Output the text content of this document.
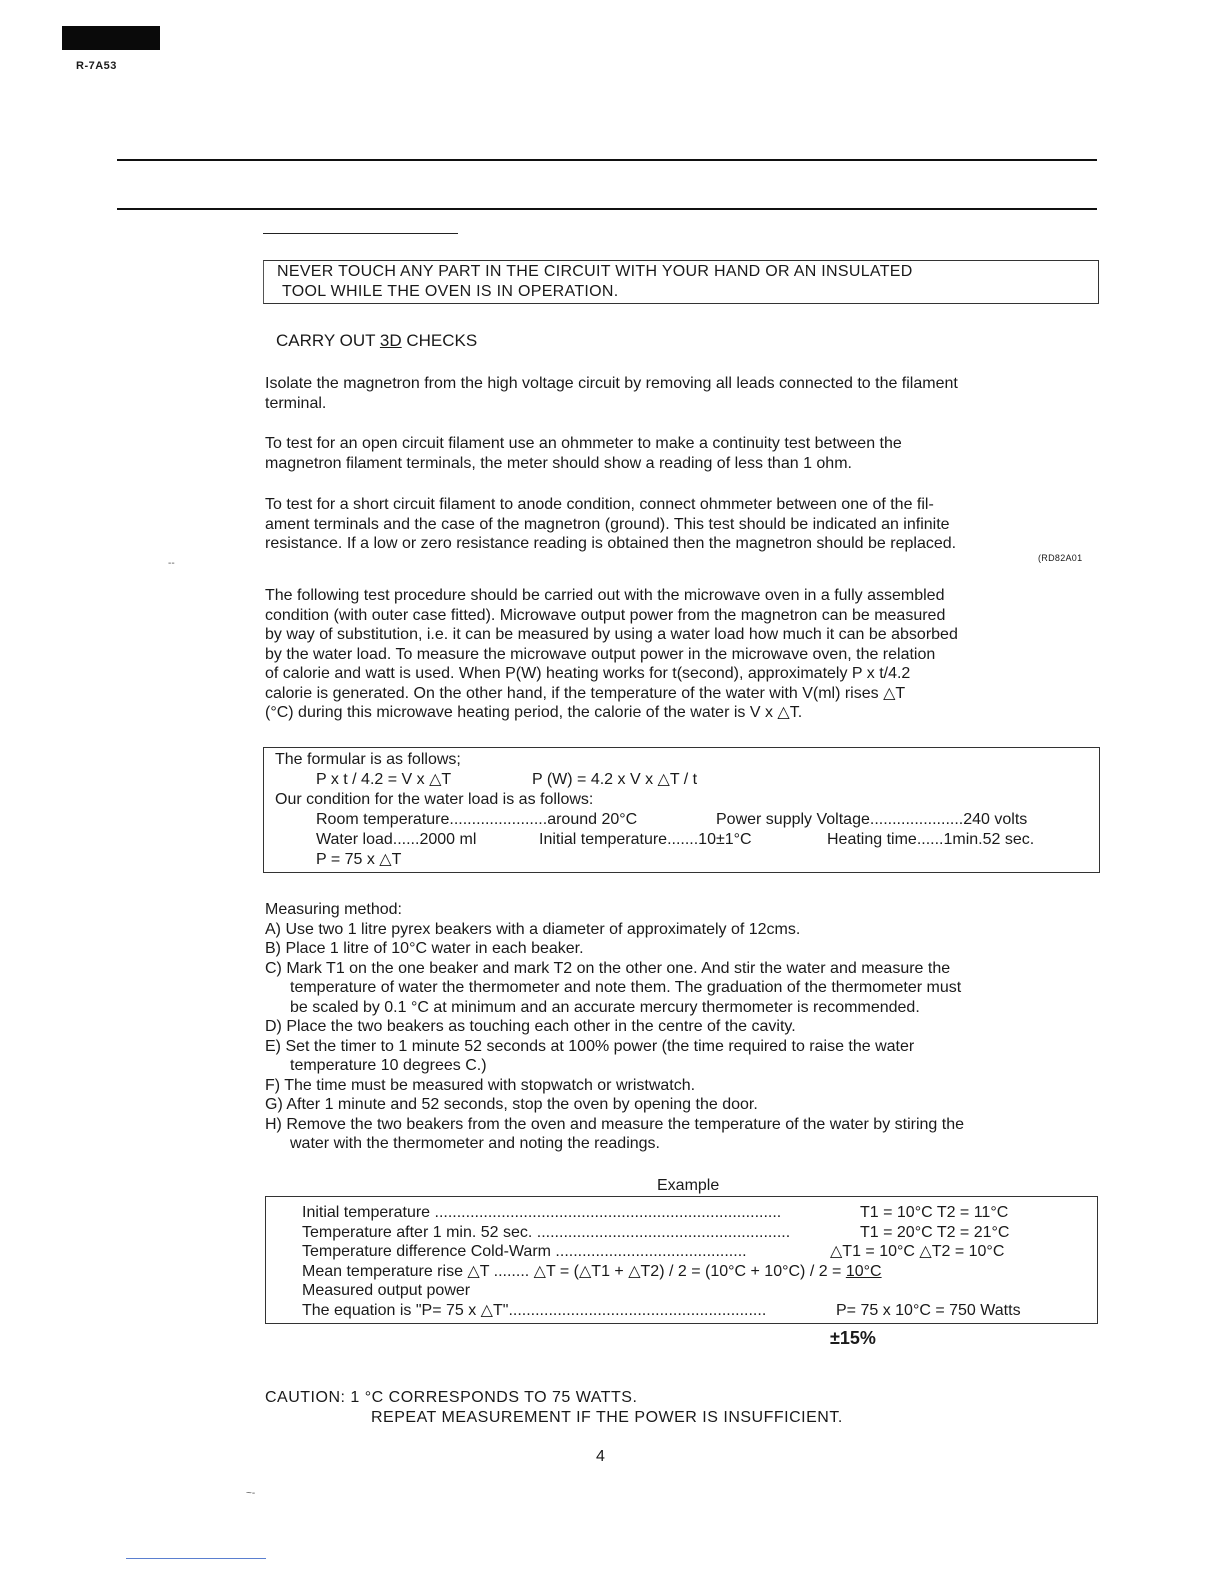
R-7A53
NEVER TOUCH ANY PART IN THE CIRCUIT WITH YOUR HAND OR AN INSULATED
TOOL WHILE THE OVEN IS IN OPERATION.
CARRY OUT 3D CHECKS
Isolate the magnetron from the high voltage circuit by removing all leads connected to the filament
terminal.
To test for an open circuit filament use an ohmmeter to make a continuity test between the
magnetron filament terminals, the meter should show a reading of less than 1 ohm.
To test for a short circuit filament to anode condition, connect ohmmeter between one of the fil-
ament terminals and the case of the magnetron (ground). This test should be indicated an infinite
resistance. If a low or zero resistance reading is obtained then the magnetron should be replaced.
(RD82A01
--
The following test procedure should be carried out with the microwave oven in a fully assembled
condition (with outer case fitted). Microwave output power from the magnetron can be measured
by way of substitution, i.e. it can be measured by using a water load how much it can be absorbed
by the water load. To measure the microwave output power in the microwave oven, the relation
of calorie and watt is used. When P(W) heating works for t(second), approximately P x t/4.2
calorie is generated. On the other hand, if the temperature of the water with V(ml) rises △T
(°C) during this microwave heating period, the calorie of the water is V x △T.
The formular is as follows;
P x t / 4.2 = V x △T	P (W) = 4.2 x V x △T / t
Our condition for the water load is as follows:
Room temperature......................around 20°C	Power supply Voltage.....................240 volts
Water load......2000 ml	Initial temperature.......10±1°C	Heating time......1min.52 sec.
P = 75 x △T
Measuring method:
A) Use two 1 litre pyrex beakers with a diameter of approximately of 12cms.
B) Place 1 litre of 10°C water in each beaker.
C) Mark T1 on the one beaker and mark T2 on the other one. And stir the water and measure the
temperature of water the thermometer and note them. The graduation of the thermometer must
be scaled by 0.1 °C at minimum and an accurate mercury thermometer is recommended.
D) Place the two beakers as touching each other in the centre of the cavity.
E) Set the timer to 1 minute 52 seconds at 100% power (the time required to raise the water
temperature 10 degrees C.)
F) The time must be measured with stopwatch or wristwatch.
G) After 1 minute and 52 seconds, stop the oven by opening the door.
H) Remove the two beakers from the oven and measure the temperature of the water by stiring the
water with the thermometer and noting the readings.
Example
Initial temperature ..............................................................................	T1 = 10°C T2 = 11°C
Temperature after 1 min. 52 sec. .........................................................	T1 = 20°C T2 = 21°C
Temperature difference Cold-Warm ...........................................	△T1 = 10°C △T2 = 10°C
Mean temperature rise △T ........ △T = (△T1 + △T2) / 2 = (10°C + 10°C) / 2 = 10°C
Measured output power
The equation is "P= 75 x △T"..........................................................	P= 75 x 10°C = 750 Watts
±15%
CAUTION: 1 °C CORRESPONDS TO 75 WATTS.
REPEAT MEASUREMENT IF THE POWER IS INSUFFICIENT.
4
~-
